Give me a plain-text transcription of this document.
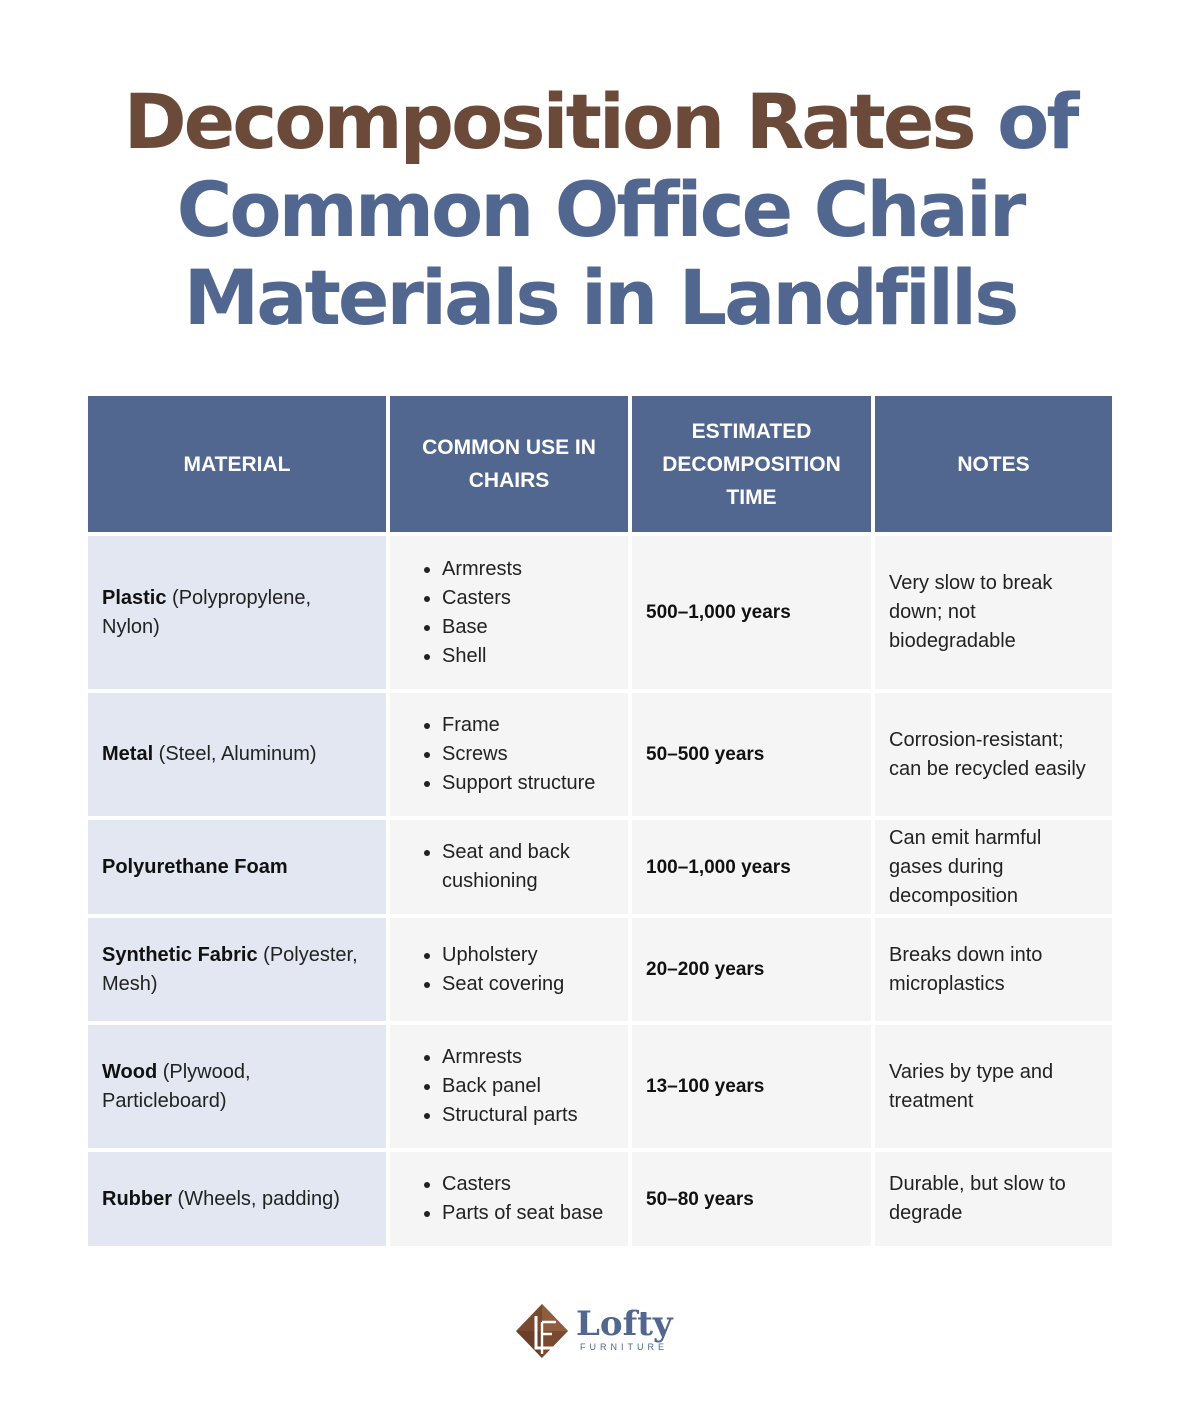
Decomposition Rates of
Common Office Chair
Materials in Landfills
MATERIAL
COMMON USE IN CHAIRS
ESTIMATED DECOMPOSITION TIME
NOTES
Plastic (Polypropylene, Nylon)
• Armrests
• Casters
• Base
• Shell
500–1,000 years
Very slow to break down; not biodegradable
Metal (Steel, Aluminum)
• Frame
• Screws
• Support structure
50–500 years
Corrosion-resistant; can be recycled easily
Polyurethane Foam
• Seat and back cushioning
100–1,000 years
Can emit harmful gases during decomposition
Synthetic Fabric (Polyester, Mesh)
• Upholstery
• Seat covering
20–200 years
Breaks down into microplastics
Wood (Plywood, Particleboard)
• Armrests
• Back panel
• Structural parts
13–100 years
Varies by type and treatment
Rubber (Wheels, padding)
• Casters
• Parts of seat base
50–80 years
Durable, but slow to degrade
Lofty
FURNITURE
